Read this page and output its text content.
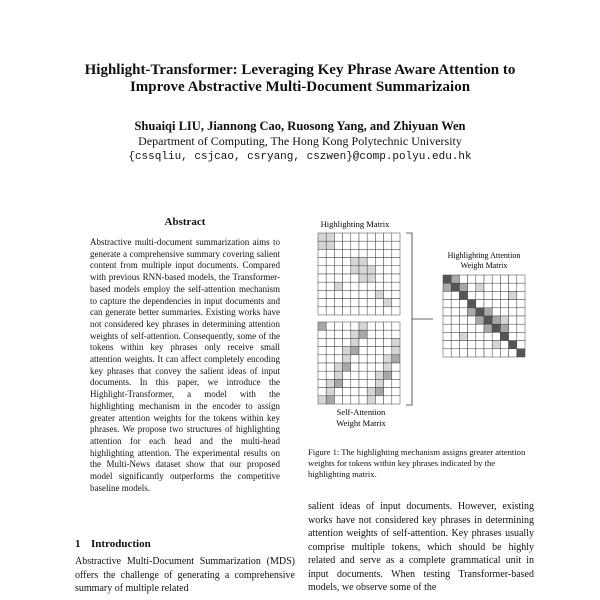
Highlight-Transformer: Leveraging Key Phrase Aware Attention to
Improve Abstractive Multi-Document Summarizaion
Shuaiqi LIU, Jiannong Cao, Ruosong Yang, and Zhiyuan Wen
Department of Computing, The Hong Kong Polytechnic University
{cssqliu, csjcao, csryang, cszwen}@comp.polyu.edu.hk
Abstract

Abstractive multi-document summarization aims to generate a comprehensive summary covering salient content from multiple input documents. Compared with previous RNN-based models, the Transformer-based models employ the self-attention mechanism to capture the dependencies in input documents and can generate better summaries. Existing works have not considered key phrases in determining attention weights of self-attention. Consequently, some of the tokens within key phrases only receive small attention weights. It can affect completely encoding key phrases that convey the salient ideas of input documents. In this paper, we introduce the Highlight-Transformer, a model with the highlighting mechanism in the encoder to assign greater attention weights for the tokens within key phrases. We propose two structures of highlighting attention for each head and the multi-head highlighting attention. The experimental results on the Multi-News dataset show that our proposed model significantly outperforms the competitive baseline models.

1 Introduction
Abstractive Multi-Document Summarization (MDS) offers the challenge of generating a comprehensive summary of multiple related
Highlighting Matrix
Self-Attention
Weight Matrix
Highlighting Attention
Weight Matrix
Figure 1: The highlighting mechanism assigns greater attention weights for tokens within key phrases indicated by the highlighting matrix.
salient ideas of input documents. However, existing works have not considered key phrases in determining attention weights of self-attention. Key phrases usually comprise multiple tokens, which should be highly related and serve as a complete grammatical unit in input documents. When testing Transformer-based models, we observe some of the
